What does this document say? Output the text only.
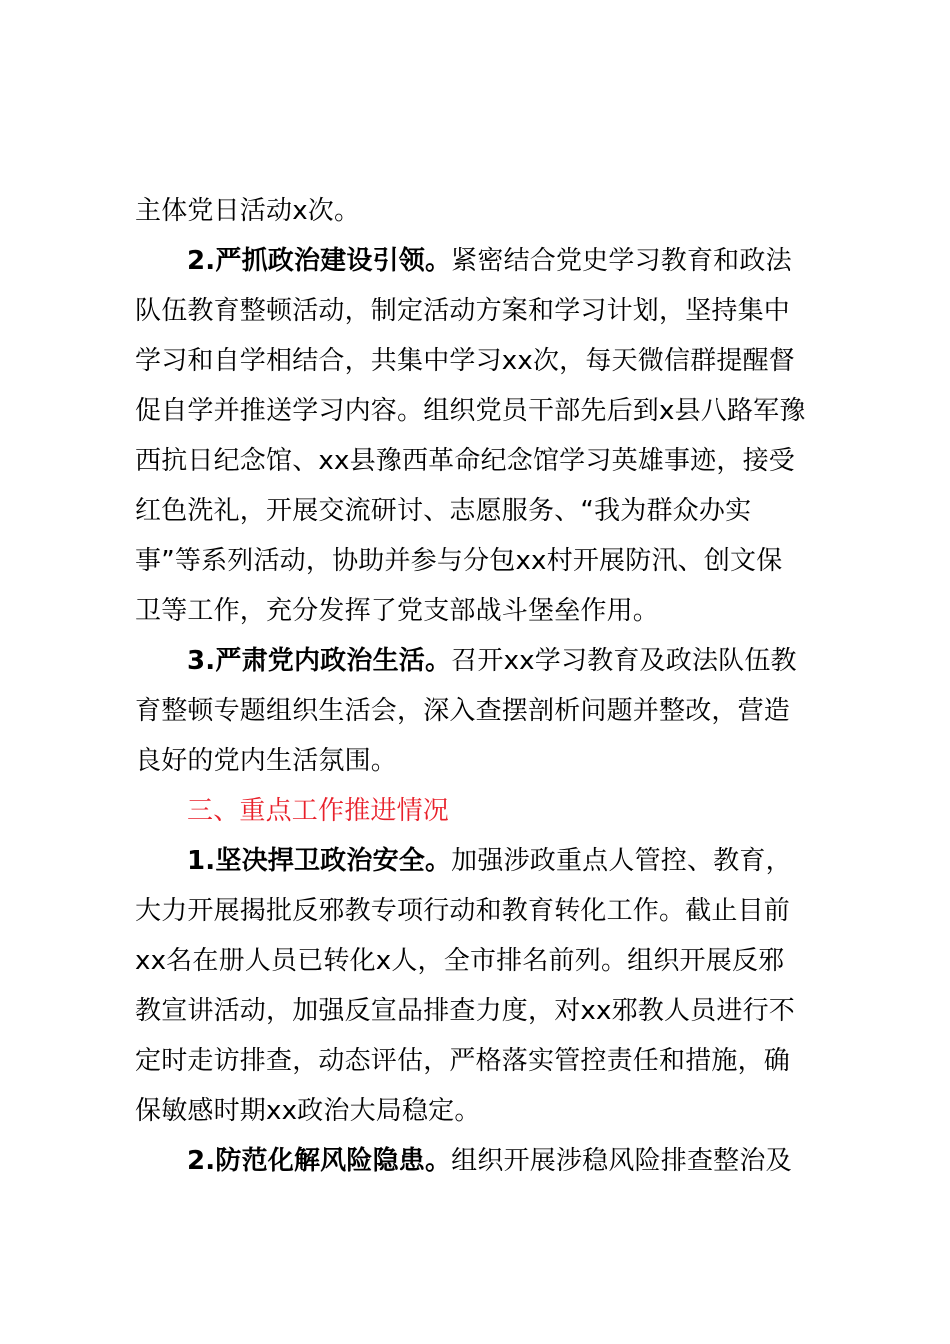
主体党日活动x次。
2.严抓政治建设引领。紧密结合党史学习教育和政法
队伍教育整顿活动，制定活动方案和学习计划，坚持集中
学习和自学相结合，共集中学习xx次，每天微信群提醒督
促自学并推送学习内容。组织党员干部先后到x县八路军豫
西抗日纪念馆、xx县豫西革命纪念馆学习英雄事迹，接受
红色洗礼，开展交流研讨、志愿服务、“我为群众办实
事”等系列活动，协助并参与分包xx村开展防汛、创文保
卫等工作，充分发挥了党支部战斗堡垒作用。
3.严肃党内政治生活。召开xx学习教育及政法队伍教
育整顿专题组织生活会，深入查摆剖析问题并整改，营造
良好的党内生活氛围。
三、重点工作推进情况
1.坚决捍卫政治安全。加强涉政重点人管控、教育，
大力开展揭批反邪教专项行动和教育转化工作。截止目前
xx名在册人员已转化x人，全市排名前列。组织开展反邪
教宣讲活动，加强反宣品排查力度，对xx邪教人员进行不
定时走访排查，动态评估，严格落实管控责任和措施，确
保敏感时期xx政治大局稳定。
2.防范化解风险隐患。组织开展涉稳风险排查整治及
